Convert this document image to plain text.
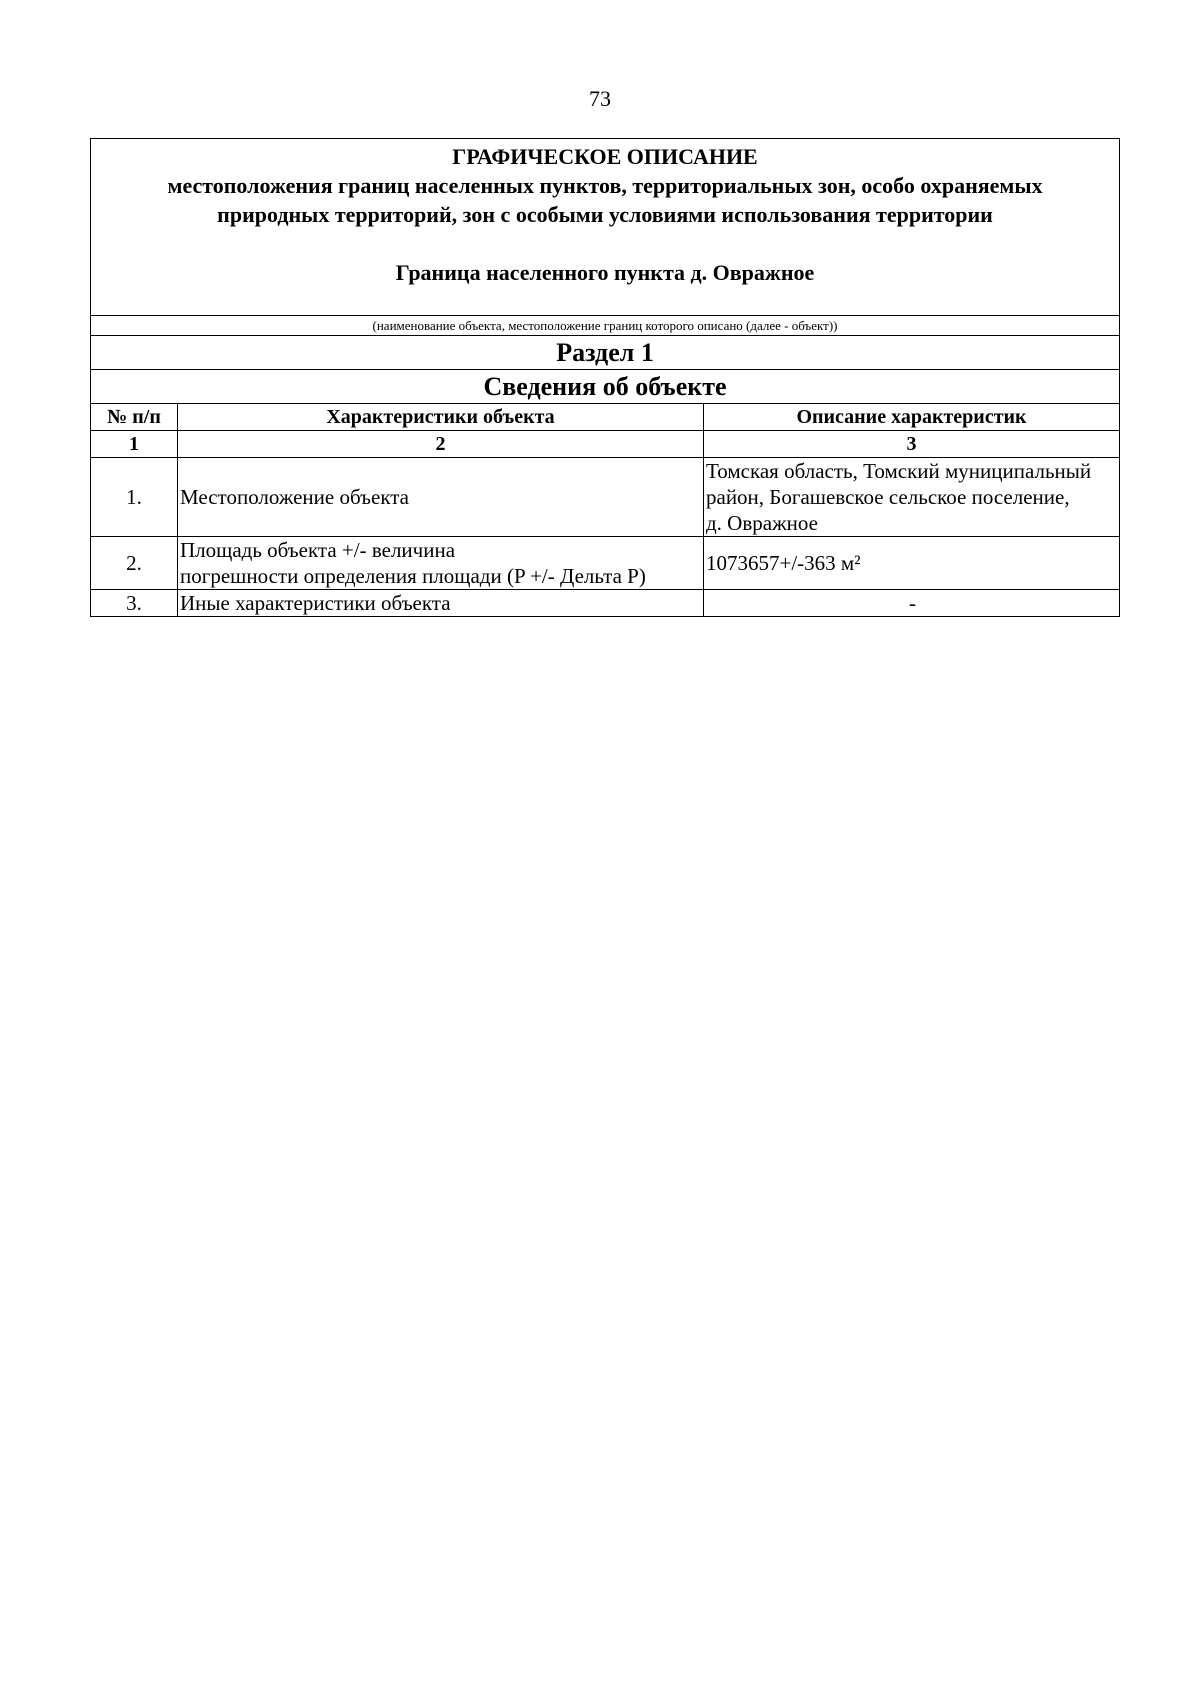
73
ГРАФИЧЕСКОЕ ОПИСАНИЕ
местоположения границ населенных пунктов, территориальных зон, особо охраняемых
природных территорий, зон с особыми условиями использования территории
Граница населенного пункта д. Овражное		

(наименование объекта, местоположение границ которого описано (далее - объект))		
Раздел 1		
Сведения об объекте		
№ п/п	Характеристики объекта	Описание характеристик
1	2	3
1.	Местоположение объекта	Томская область, Томский муниципальный
район, Богашевское сельское поселение,
д. Овражное

2.	Площадь объекта +/- величина
погрешности определения площади (P +/- Дельта P)	1073657+/-363 м²

3.	Иные характеристики объекта	-
